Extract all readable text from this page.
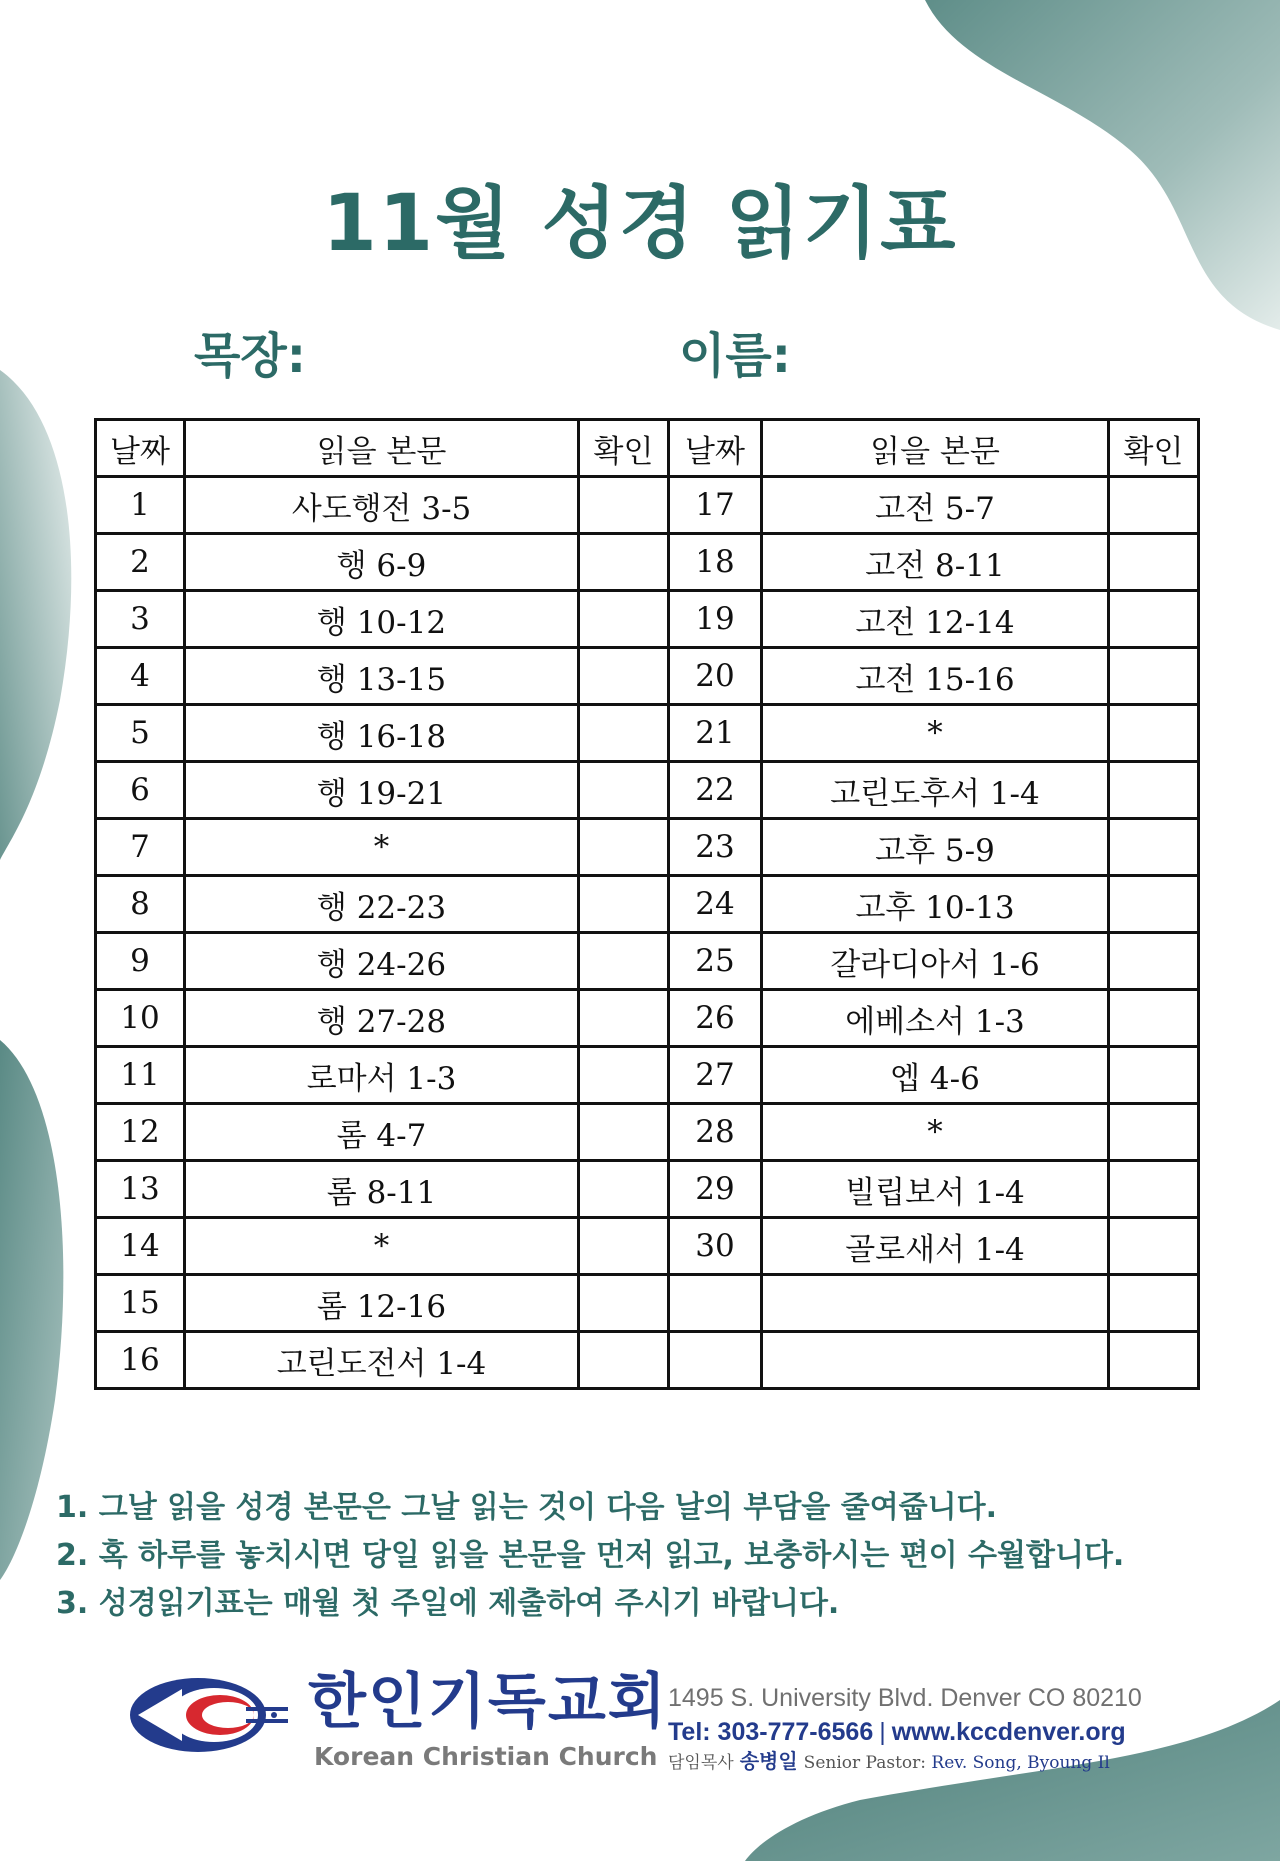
11월 성경 읽기표
목장:	이름:
날짜	읽을 본문	확인	날짜	읽을 본문	확인
1	사도행전 3-5		17	고전 5-7	
2	행 6-9		18	고전 8-11	
3	행 10-12		19	고전 12-14	
4	행 13-15		20	고전 15-16	
5	행 16-18		21	*	
6	행 19-21		22	고린도후서 1-4	
7	*		23	고후 5-9	
8	행 22-23		24	고후 10-13	
9	행 24-26		25	갈라디아서 1-6	
10	행 27-28		26	에베소서 1-3	
11	로마서 1-3		27	엡 4-6	
12	롬 4-7		28	*	
13	롬 8-11		29	빌립보서 1-4	
14	*		30	골로새서 1-4	
15	롬 12-16				
16	고린도전서 1-4				
1. 그날 읽을 성경 본문은 그날 읽는 것이 다음 날의 부담을 줄여줍니다.
2. 혹 하루를 놓치시면 당일 읽을 본문을 먼저 읽고, 보충하시는 편이 수월합니다.
3. 성경읽기표는 매월 첫 주일에 제출하여 주시기 바랍니다.
한인기독교회
Korean Christian Church
1495 S. University Blvd. Denver CO 80210
Tel: 303-777-6566 | www.kccdenver.org
담임목사 송병일 Senior Pastor: Rev. Song, Byoung Il
